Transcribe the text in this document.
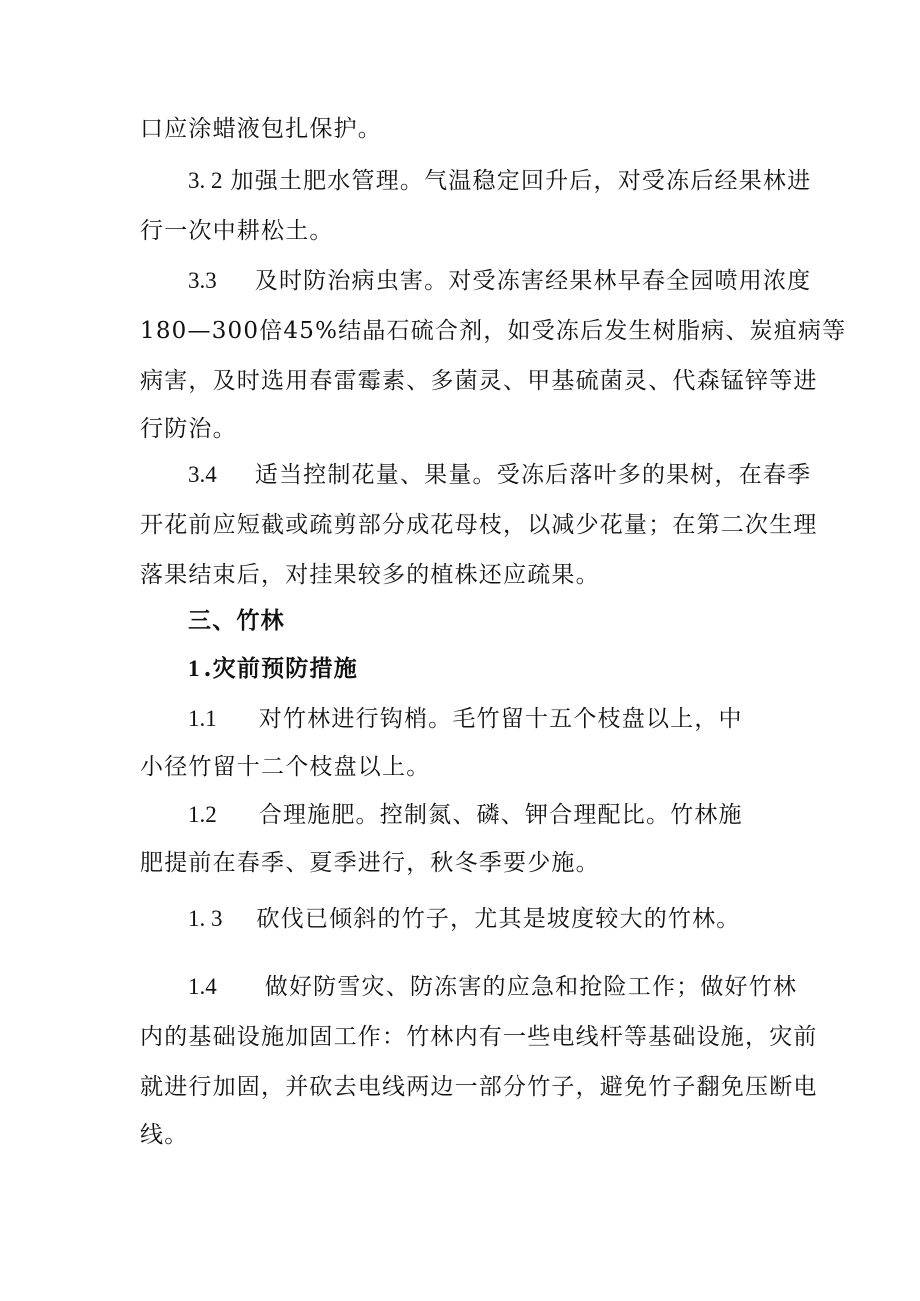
口应涂蜡液包扎保护。
3. 2 加强土肥水管理。气温稳定回升后，对受冻后经果林进
行一次中耕松土。
3.3 及时防治病虫害。对受冻害经果林早春全园喷用浓度
180—300倍45%结晶石硫合剂，如受冻后发生树脂病、炭疽病等
病害，及时选用春雷霉素、多菌灵、甲基硫菌灵、代森锰锌等进
行防治。
3.4 适当控制花量、果量。受冻后落叶多的果树，在春季
开花前应短截或疏剪部分成花母枝，以减少花量；在第二次生理
落果结束后，对挂果较多的植株还应疏果。
三、竹林
1 .灾前预防措施
1.1 对竹林进行钩梢。毛竹留十五个枝盘以上，中
小径竹留十二个枝盘以上。
1.2 合理施肥。控制氮、磷、钾合理配比。竹林施
肥提前在春季、夏季进行，秋冬季要少施。
1. 3 砍伐已倾斜的竹子，尤其是坡度较大的竹林。
1.4 做好防雪灾、防冻害的应急和抢险工作；做好竹林
内的基础设施加固工作：竹林内有一些电线杆等基础设施，灾前
就进行加固，并砍去电线两边一部分竹子，避免竹子翻免压断电
线。
